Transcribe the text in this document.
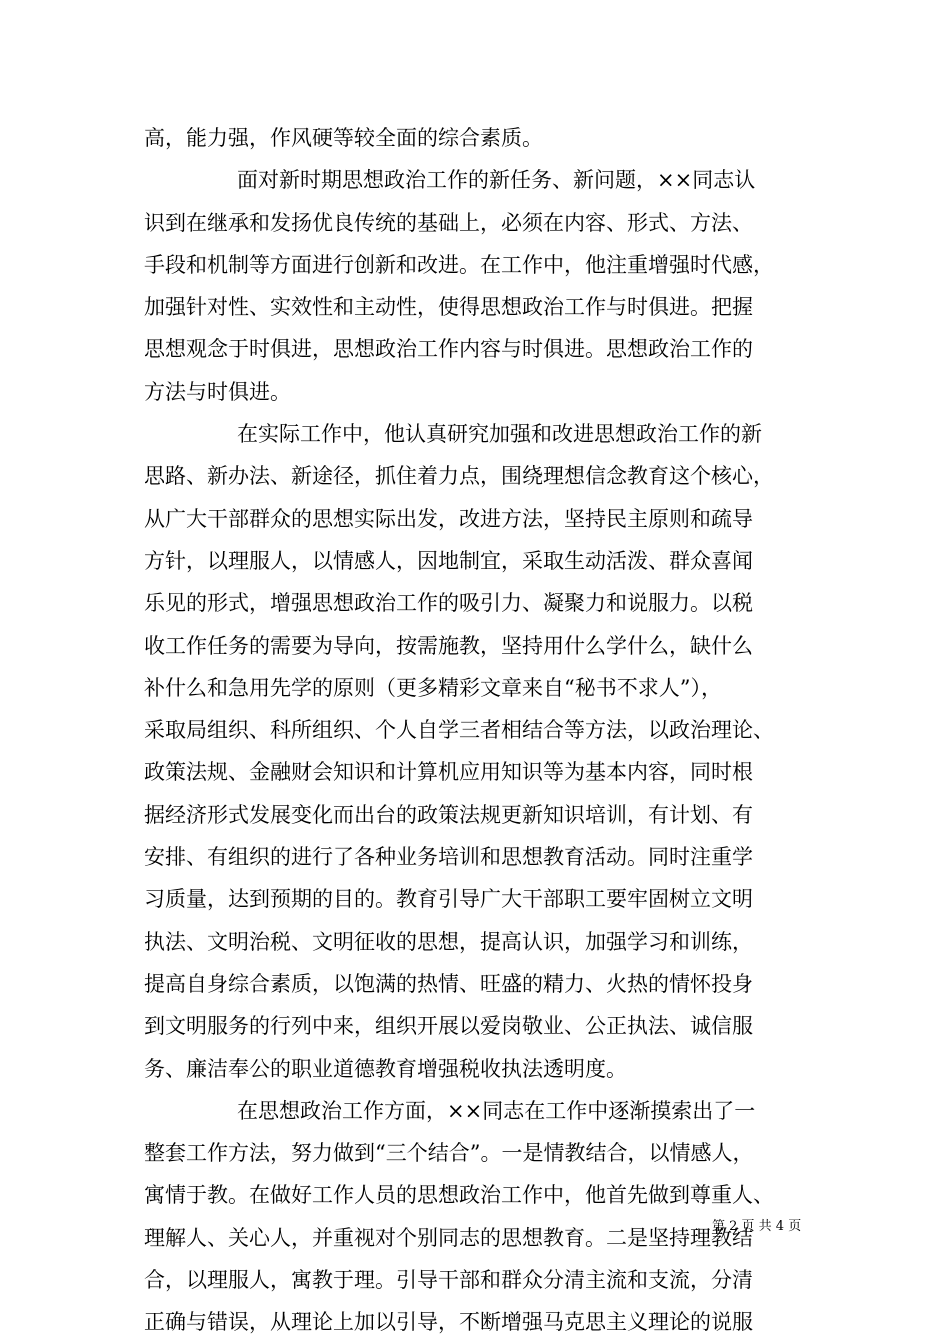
高，能力强，作风硬等较全面的综合素质。
面对新时期思想政治工作的新任务、新问题，××同志认
识到在继承和发扬优良传统的基础上，必须在内容、形式、方法、
手段和机制等方面进行创新和改进。在工作中，他注重增强时代感，
加强针对性、实效性和主动性，使得思想政治工作与时俱进。把握
思想观念于时俱进，思想政治工作内容与时俱进。思想政治工作的
方法与时俱进。
在实际工作中，他认真研究加强和改进思想政治工作的新
思路、新办法、新途径，抓住着力点，围绕理想信念教育这个核心，
从广大干部群众的思想实际出发，改进方法，坚持民主原则和疏导
方针，以理服人，以情感人，因地制宜，采取生动活泼、群众喜闻
乐见的形式，增强思想政治工作的吸引力、凝聚力和说服力。以税
收工作任务的需要为导向，按需施教，坚持用什么学什么，缺什么
补什么和急用先学的原则（更多精彩文章来自“秘书不求人”），
采取局组织、科所组织、个人自学三者相结合等方法，以政治理论、
政策法规、金融财会知识和计算机应用知识等为基本内容，同时根
据经济形式发展变化而出台的政策法规更新知识培训，有计划、有
安排、有组织的进行了各种业务培训和思想教育活动。同时注重学
习质量，达到预期的目的。教育引导广大干部职工要牢固树立文明
执法、文明治税、文明征收的思想，提高认识，加强学习和训练，
提高自身综合素质，以饱满的热情、旺盛的精力、火热的情怀投身
到文明服务的行列中来，组织开展以爱岗敬业、公正执法、诚信服
务、廉洁奉公的职业道德教育增强税收执法透明度。
在思想政治工作方面，××同志在工作中逐渐摸索出了一
整套工作方法，努力做到“三个结合”。一是情教结合，以情感人，
寓情于教。在做好工作人员的思想政治工作中，他首先做到尊重人、
理解人、关心人，并重视对个别同志的思想教育。二是坚持理教结
合，以理服人，寓教于理。引导干部和群众分清主流和支流，分清
正确与错误，从理论上加以引导，不断增强马克思主义理论的说服
第 2 页 共 4 页
